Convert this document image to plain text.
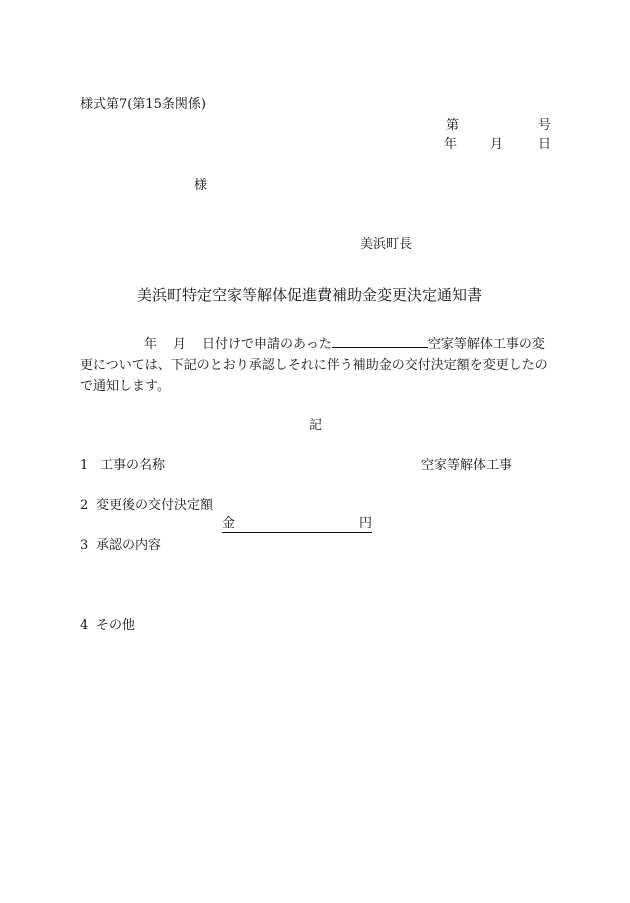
様式第7(第15条関係)
第	号
年	月	日
様
美浜町長
美浜町特定空家等解体促進費補助金変更決定通知書
年 月 日付けで申請のあった	空家等解体工事の変更については、下記のとおり承認しそれに伴う補助金の交付決定額を変更したので通知します。
記
1 工事の名称	空家等解体工事
2 変更後の交付決定額
金	円
3 承認の内容
4 その他
